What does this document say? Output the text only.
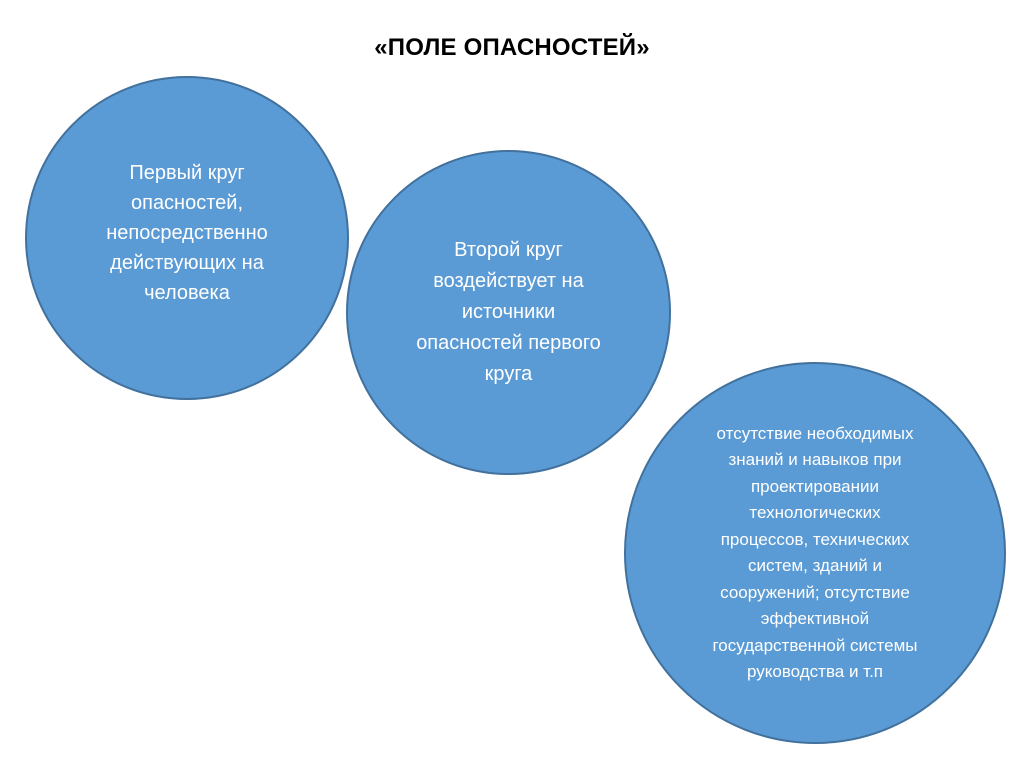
«ПОЛЕ ОПАСНОСТЕЙ»
Первый круг
опасностей,
непосредственно
действующих на
человека
Второй круг
воздействует на
источники
опасностей первого
круга
отсутствие необходимых
знаний и навыков при
проектировании
технологических
процессов, технических
систем, зданий и
сооружений; отсутствие
эффективной
государственной системы
руководства и т.п
